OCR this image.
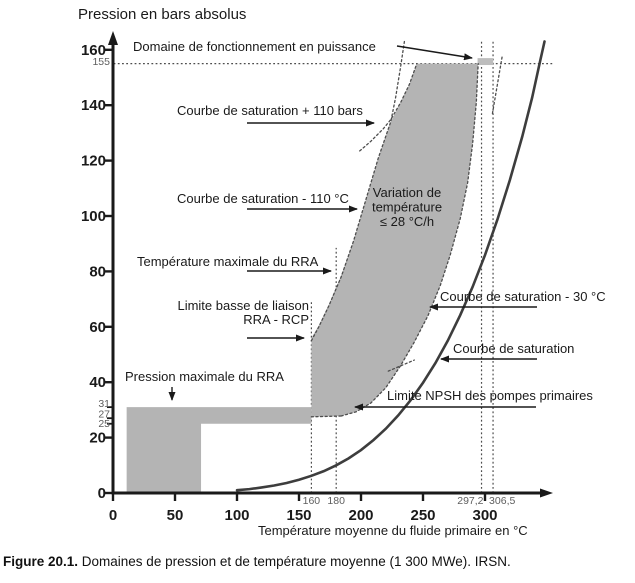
0	50	100 150 200 250 300
0
20
40
60
80
100
120
140
160
160 180	297,2 306,5
155
31
27
25
Domaine de fonctionnement en puissance
Courbe de saturation + 110 bars
Courbe de saturation - 110 °C
Température maximale du RRA
Limite basse de liaison
RRA - RCP
Pression maximale du RRA
Variation de
température
≤ 28 °C/h
Courbe de saturation - 30 °C
Courbe de saturation
Limite NPSH des pompes primaires
Pression en bars absolus
Température moyenne du fluide primaire en °C
Figure 20.1. Domaines de pression et de température moyenne (1 300 MWe). IRSN.
